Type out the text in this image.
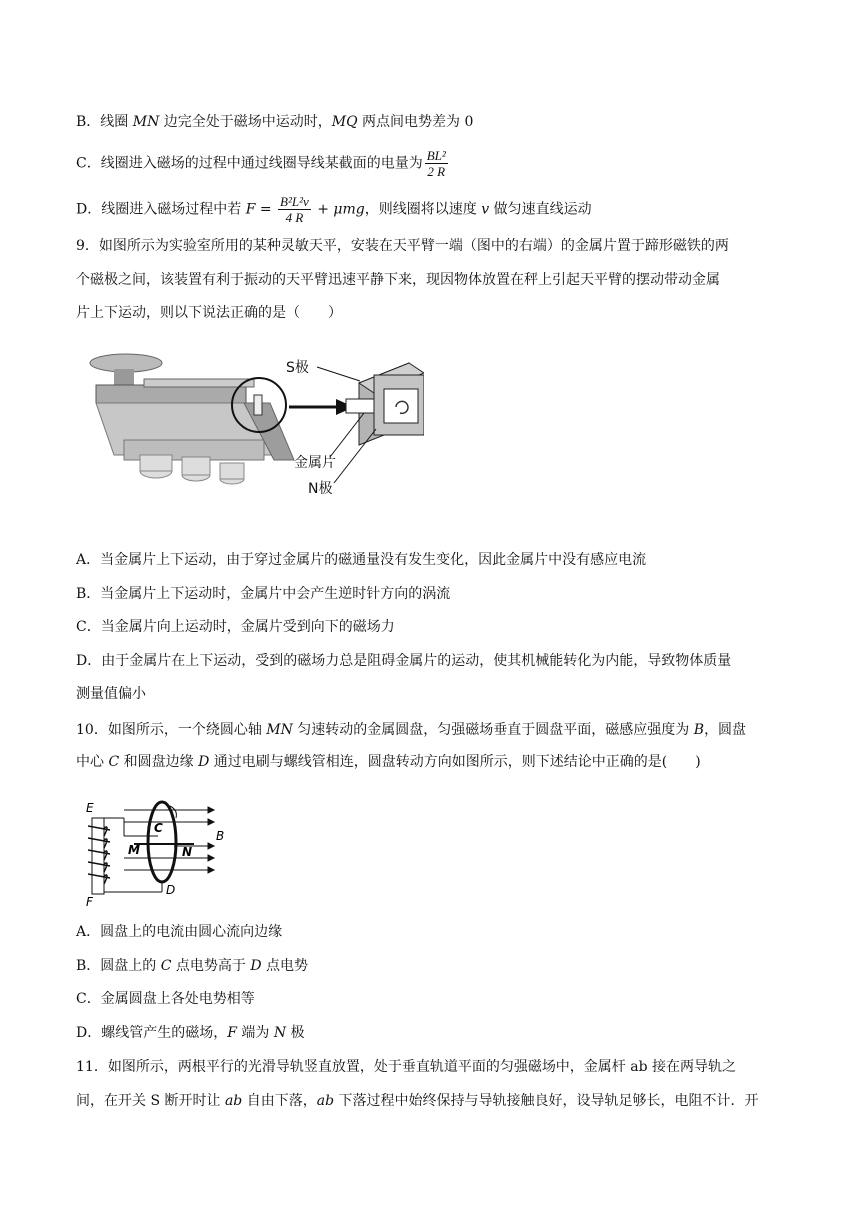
B．线圈 MN 边完全处于磁场中运动时，MQ 两点间电势差为 0
C．线圈进入磁场的过程中通过线圈导线某截面的电量为 $\frac{\text{BL²}}{2 R}$
D．线圈进入磁场过程中若 $F = \frac{\text{B²L²v}}{4 R} + \mu mg$，则线圈将以速度 v 做匀速直线运动
9．如图所示为实验室所用的某种灵敏天平，安装在天平臂一端（图中的右端）的金属片置于蹄形磁铁的两
个磁极之间，该装置有利于振动的天平臂迅速平静下来，现因物体放置在秤上引起天平臂的摆动带动金属
片上下运动，则以下说法正确的是（　　）
S极
金属片
N极
A．当金属片上下运动，由于穿过金属片的磁通量没有发生变化，因此金属片中没有感应电流
B．当金属片上下运动时，金属片中会产生逆时针方向的涡流
C．当金属片向上运动时，金属片受到向下的磁场力
D．由于金属片在上下运动，受到的磁场力总是阻碍金属片的运动，使其机械能转化为内能，导致物体质量
测量值偏小
10．如图所示，一个绕圆心轴 MN 匀速转动的金属圆盘，匀强磁场垂直于圆盘平面，磁感应强度为 B，圆盘
中心 C 和圆盘边缘 D 通过电刷与螺线管相连，圆盘转动方向如图所示，则下述结论中正确的是(　　)
E
F
C
M	N
B
D
A．圆盘上的电流由圆心流向边缘
B．圆盘上的 C 点电势高于 D 点电势
C．金属圆盘上各处电势相等
D．螺线管产生的磁场，F 端为 N 极
11．如图所示，两根平行的光滑导轨竖直放置，处于垂直轨道平面的匀强磁场中，金属杆 ab 接在两导轨之
间，在开关 S 断开时让 ab 自由下落，ab 下落过程中始终保持与导轨接触良好，设导轨足够长，电阻不计．开
